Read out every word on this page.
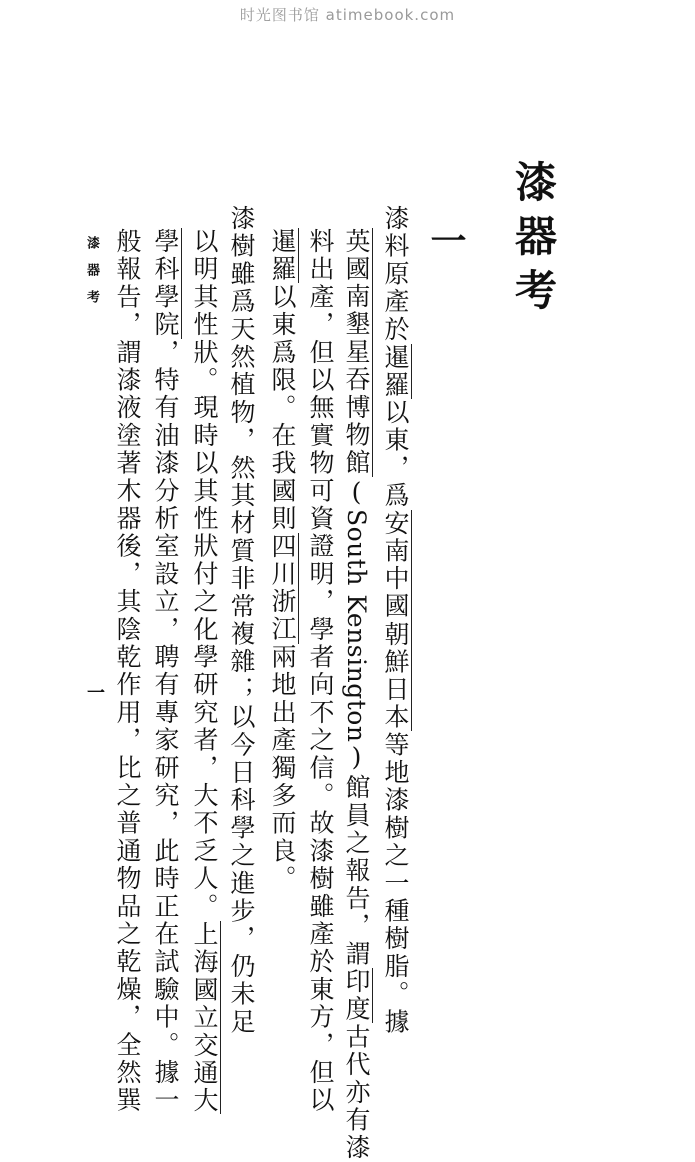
时光图书馆 atimebook.com
漆器考
一
漆料原產於暹羅以東，爲安南中國朝鮮日本等地漆樹之一種樹脂。據
英國南墾星吞博物館(South Kensington)館員之報告，謂印度古代亦有漆
料出產，但以無實物可資證明，學者向不之信。故漆樹雖產於東方，但以
暹羅以東爲限。在我國則四川浙江兩地出產獨多而良。
漆樹雖爲天然植物，然其材質非常複雜；以今日科學之進步，仍未足
以明其性狀。現時以其性狀付之化學研究者，大不乏人。上海國立交通大
學科學院，特有油漆分析室設立，聘有專家研究，此時正在試驗中。據一
般報告，謂漆液塗著木器後，其陰乾作用，比之普通物品之乾燥，全然巽
漆器考
一
